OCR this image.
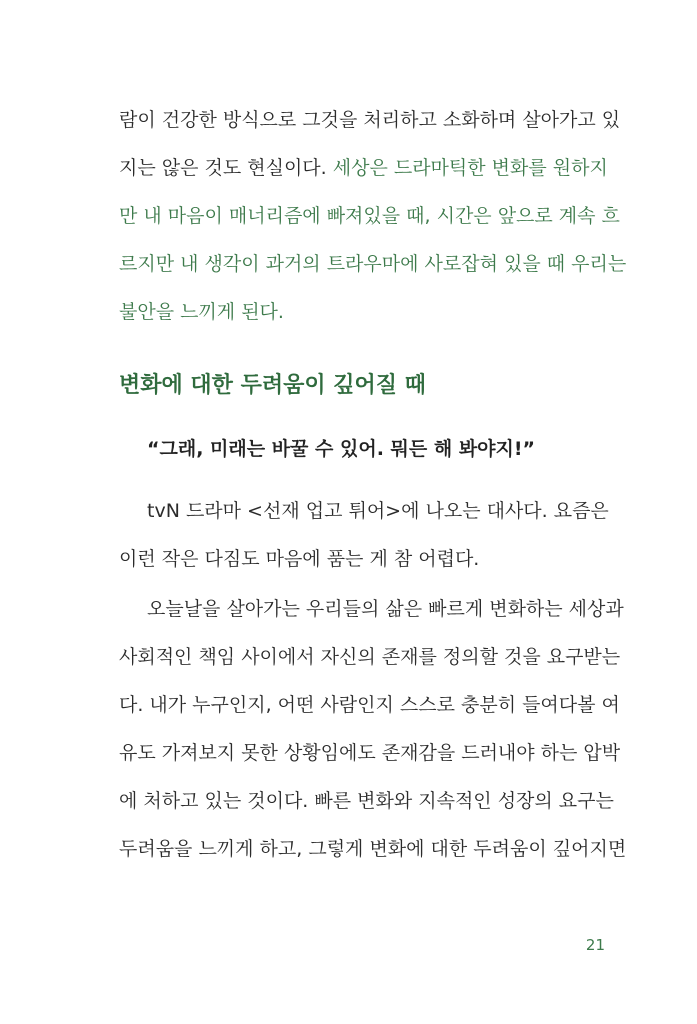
람이 건강한 방식으로 그것을 처리하고 소화하며 살아가고 있
지는 않은 것도 현실이다. 세상은 드라마틱한 변화를 원하지
만 내 마음이 매너리즘에 빠져있을 때, 시간은 앞으로 계속 흐
르지만 내 생각이 과거의 트라우마에 사로잡혀 있을 때 우리는
불안을 느끼게 된다.
변화에 대한 두려움이 깊어질 때
“그래, 미래는 바꿀 수 있어. 뭐든 해 봐야지!”
tvN 드라마 <선재 업고 튀어>에 나오는 대사다. 요즘은
이런 작은 다짐도 마음에 품는 게 참 어렵다.
오늘날을 살아가는 우리들의 삶은 빠르게 변화하는 세상과
사회적인 책임 사이에서 자신의 존재를 정의할 것을 요구받는
다. 내가 누구인지, 어떤 사람인지 스스로 충분히 들여다볼 여
유도 가져보지 못한 상황임에도 존재감을 드러내야 하는 압박
에 처하고 있는 것이다. 빠른 변화와 지속적인 성장의 요구는
두려움을 느끼게 하고, 그렇게 변화에 대한 두려움이 깊어지면
21
